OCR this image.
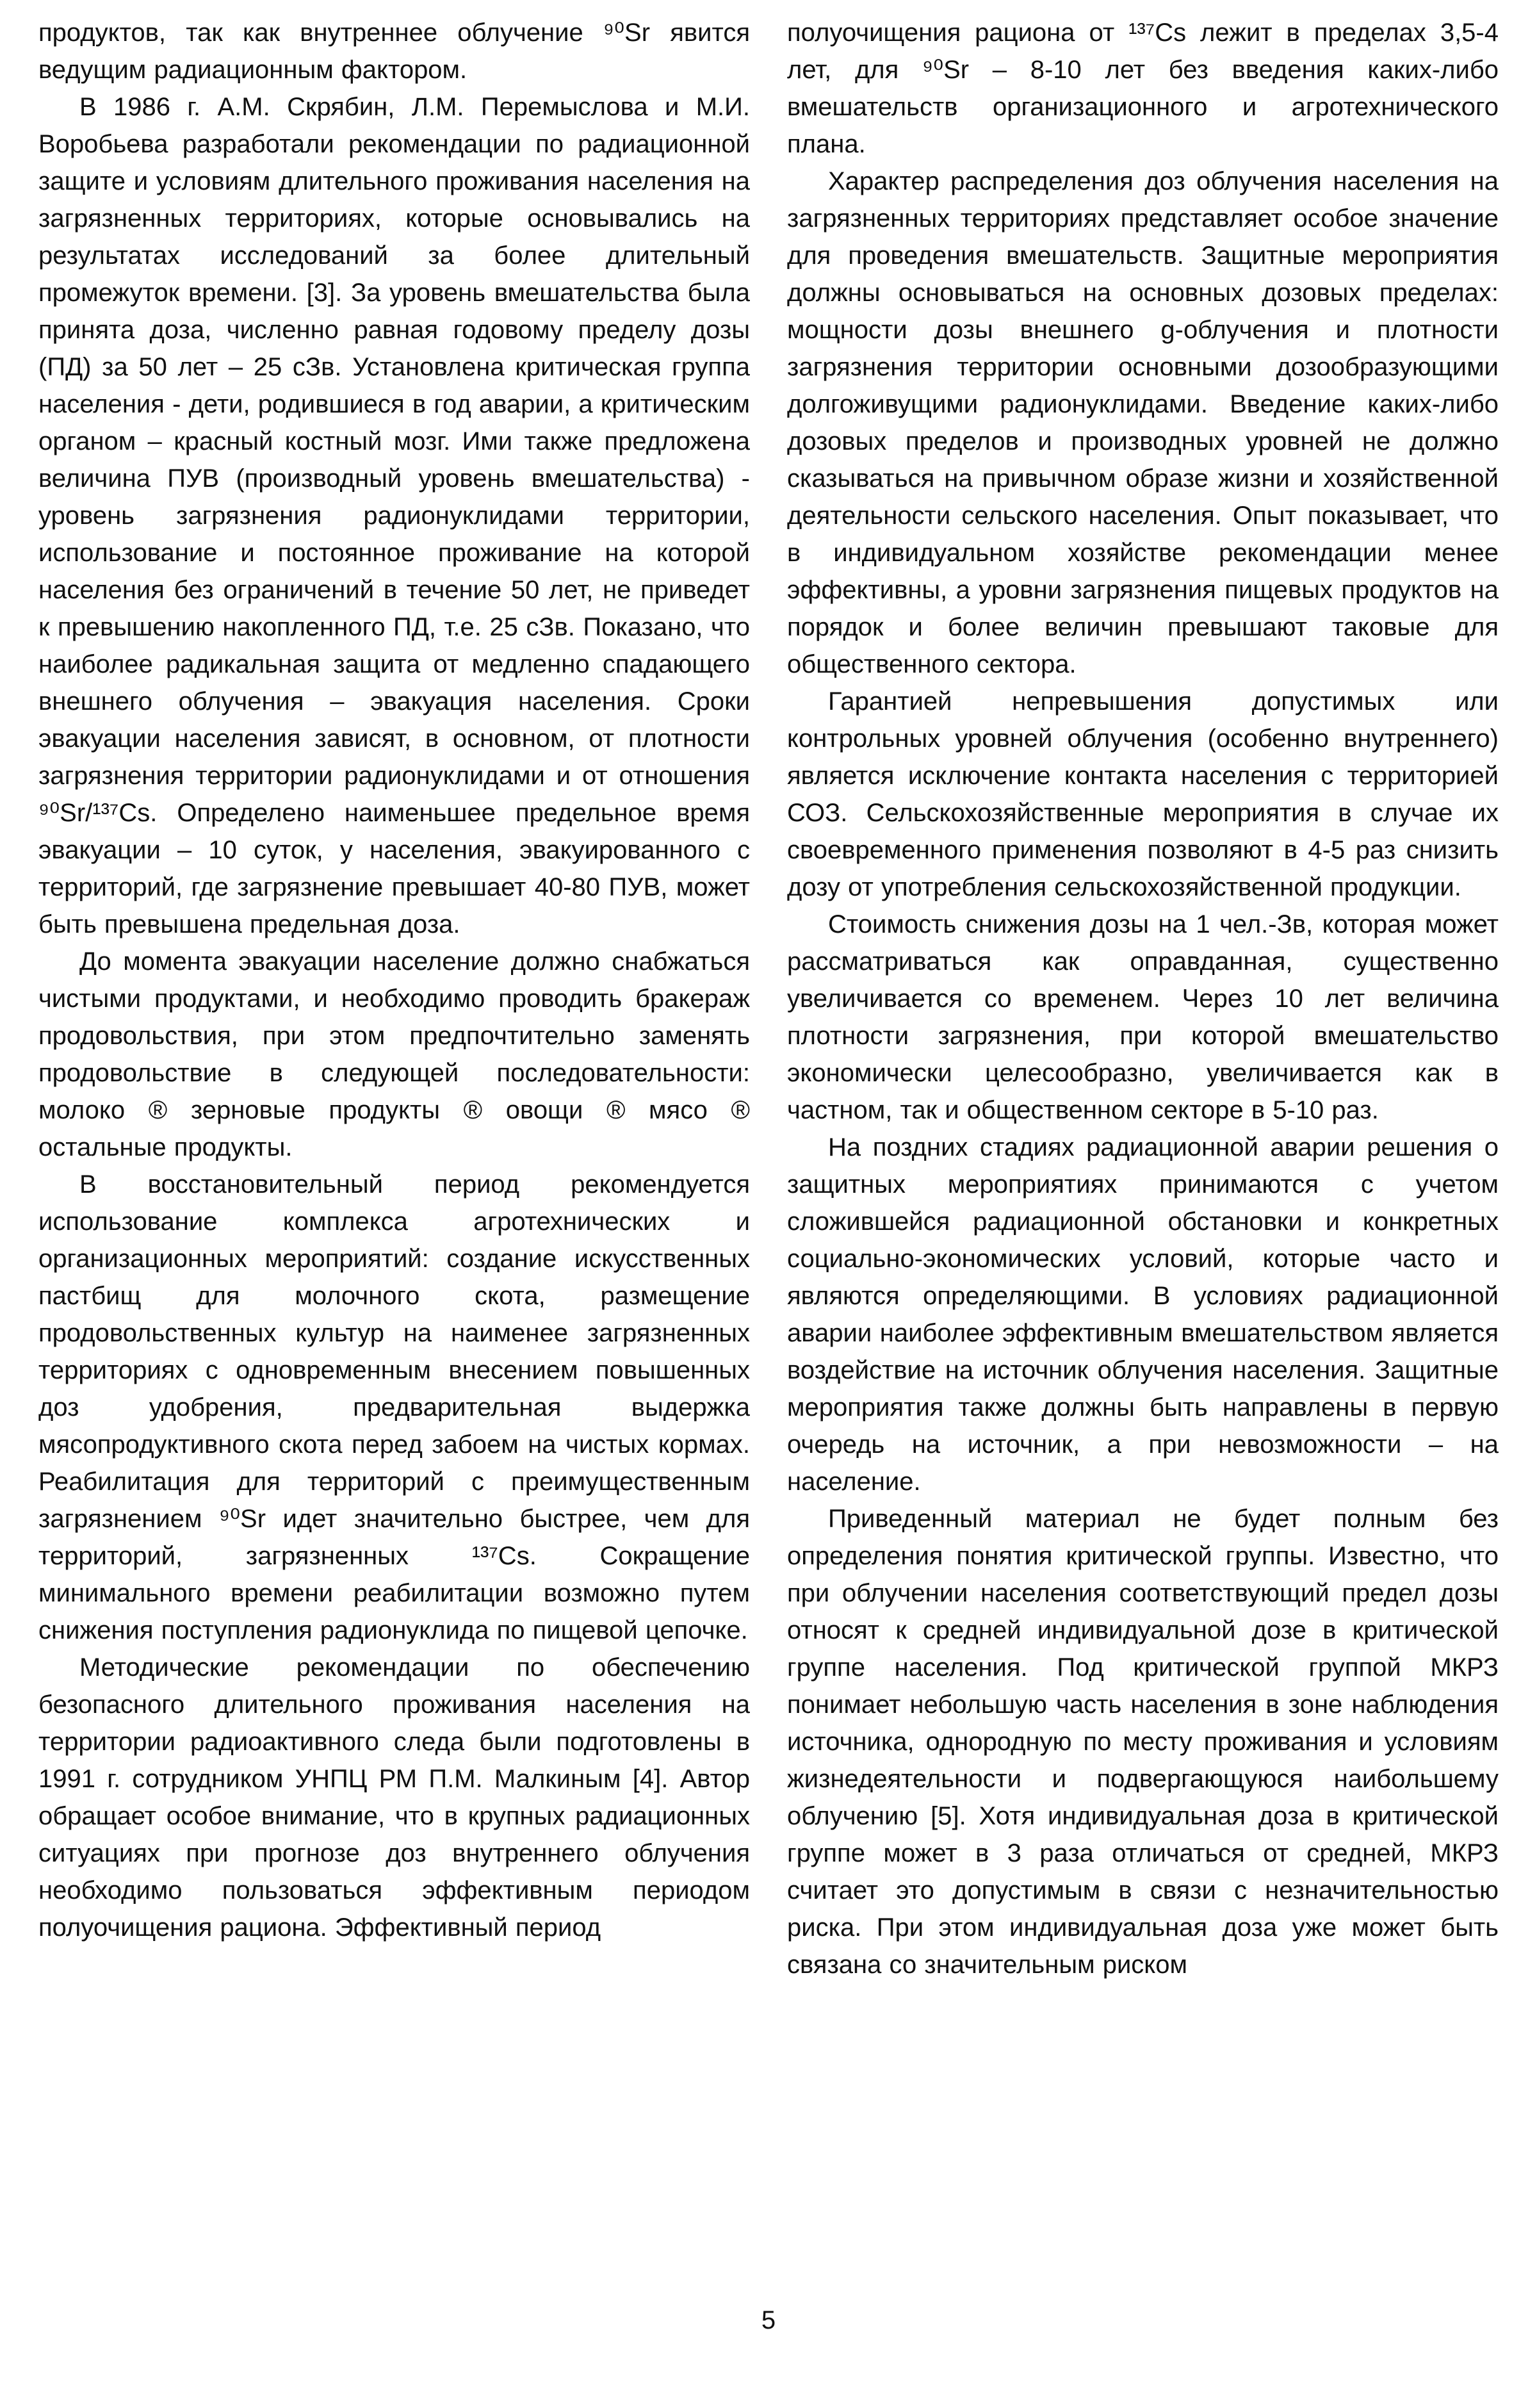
продуктов, так как внутреннее облучение ⁹⁰Sr явится ведущим радиационным фактором.

В 1986 г. А.М. Скрябин, Л.М. Перемыслова и М.И. Воробьева разработали рекомендации по радиационной защите и условиям длительного проживания населения на загрязненных территориях, которые основывались на результатах исследований за более длительный промежуток времени. [3]. За уровень вмешательства была принята доза, численно равная годовому пределу дозы (ПД) за 50 лет – 25 сЗв. Установлена критическая группа населения - дети, родившиеся в год аварии, а критическим органом – красный костный мозг. Ими также предложена величина ПУВ (производный уровень вмешательства) - уровень загрязнения радионуклидами территории, использование и постоянное проживание на которой населения без ограничений в течение 50 лет, не приведет к превышению накопленного ПД, т.е. 25 сЗв. Показано, что наиболее радикальная защита от медленно спадающего внешнего облучения – эвакуация населения. Сроки эвакуации населения зависят, в основном, от плотности загрязнения территории радионуклидами и от отношения ⁹⁰Sr/¹³⁷Cs. Определено наименьшее предельное время эвакуации – 10 суток, у населения, эвакуированного с территорий, где загрязнение превышает 40-80 ПУВ, может быть превышена предельная доза.

До момента эвакуации население должно снабжаться чистыми продуктами, и необходимо проводить бракераж продовольствия, при этом предпочтительно заменять продовольствие в следующей последовательности: молоко ® зерновые продукты ® овощи ® мясо ® остальные продукты.

В восстановительный период рекомендуется использование комплекса агротехнических и организационных мероприятий: создание искусственных пастбищ для молочного скота, размещение продовольственных культур на наименее загрязненных территориях с одновременным внесением повышенных доз удобрения, предварительная выдержка мясопродуктивного скота перед забоем на чистых кормах. Реабилитация для территорий с преимущественным загрязнением ⁹⁰Sr идет значительно быстрее, чем для территорий, загрязненных ¹³⁷Cs. Сокращение минимального времени реабилитации возможно путем снижения поступления радионуклида по пищевой цепочке.

Методические рекомендации по обеспечению безопасного длительного проживания населения на территории радиоактивного следа были подготовлены в 1991 г. сотрудником УНПЦ РМ П.М. Малкиным [4]. Автор обращает особое внимание, что в крупных радиационных ситуациях при прогнозе доз внутреннего облучения необходимо пользоваться эффективным периодом полуочищения рациона. Эффективный период

полуочищения рациона от ¹³⁷Cs лежит в пределах 3,5-4 лет, для ⁹⁰Sr – 8-10 лет без введения каких-либо вмешательств организационного и агротехнического плана.

Характер распределения доз облучения населения на загрязненных территориях представляет особое значение для проведения вмешательств. Защитные мероприятия должны основываться на основных дозовых пределах: мощности дозы внешнего g-облучения и плотности загрязнения территории основными дозообразующими долгоживущими радионуклидами. Введение каких-либо дозовых пределов и производных уровней не должно сказываться на привычном образе жизни и хозяйственной деятельности сельского населения. Опыт показывает, что в индивидуальном хозяйстве рекомендации менее эффективны, а уровни загрязнения пищевых продуктов на порядок и более величин превышают таковые для общественного сектора.

Гарантией непревышения допустимых или контрольных уровней облучения (особенно внутреннего) является исключение контакта населения с территорией СОЗ. Сельскохозяйственные мероприятия в случае их своевременного применения позволяют в 4-5 раз снизить дозу от употребления сельскохозяйственной продукции.

Стоимость снижения дозы на 1 чел.-Зв, которая может рассматриваться как оправданная, существенно увеличивается со временем. Через 10 лет величина плотности загрязнения, при которой вмешательство экономически целесообразно, увеличивается как в частном, так и общественном секторе в 5-10 раз.

На поздних стадиях радиационной аварии решения о защитных мероприятиях принимаются с учетом сложившейся радиационной обстановки и конкретных социально-экономических условий, которые часто и являются определяющими. В условиях радиационной аварии наиболее эффективным вмешательством является воздействие на источник облучения населения. Защитные мероприятия также должны быть направлены в первую очередь на источник, а при невозможности – на население.

Приведенный материал не будет полным без определения понятия критической группы. Известно, что при облучении населения соответствующий предел дозы относят к средней индивидуальной дозе в критической группе населения. Под критической группой МКРЗ понимает небольшую часть населения в зоне наблюдения источника, однородную по месту проживания и условиям жизнедеятельности и подвергающуюся наибольшему облучению [5]. Хотя индивидуальная доза в критической группе может в 3 раза отличаться от средней, МКРЗ считает это допустимым в связи с незначительностью риска. При этом индивидуальная доза уже может быть связана со значительным риском

5
